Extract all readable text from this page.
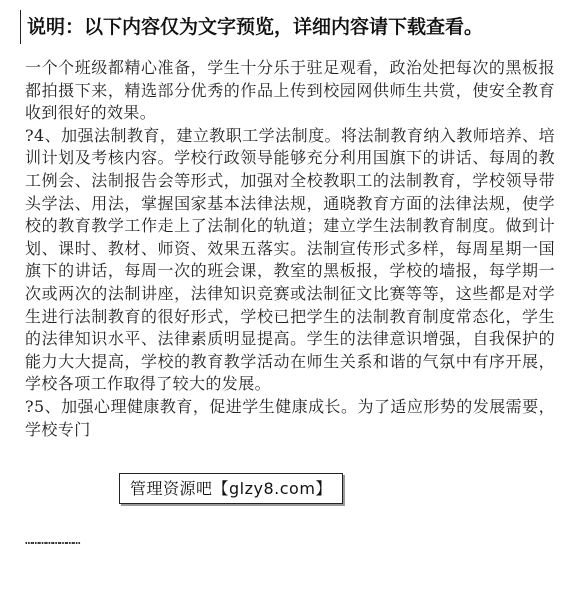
说明：以下内容仅为文字预览，详细内容请下载查看。

一个个班级都精心准备，学生十分乐于驻足观看，政治处把每次的黑板报都拍摄下来，精选部分优秀的作品上传到校园网供师生共赏，使安全教育收到很好的效果。

?4、加强法制教育，建立教职工学法制度。将法制教育纳入教师培养、培训计划及考核内容。学校行政领导能够充分利用国旗下的讲话、每周的教工例会、法制报告会等形式，加强对全校教职工的法制教育，学校领导带头学法、用法，掌握国家基本法律法规，通晓教育方面的法律法规，使学校的教育教学工作走上了法制化的轨道；建立学生法制教育制度。做到计划、课时、教材、师资、效果五落实。法制宣传形式多样，每周星期一国旗下的讲话，每周一次的班会课，教室的黑板报，学校的墙报，每学期一次或两次的法制讲座，法律知识竞赛或法制征文比赛等等，这些都是对学生进行法制教育的很好形式，学校已把学生的法制教育制度常态化，学生的法律知识水平、法律素质明显提高。学生的法律意识增强，自我保护的能力大大提高，学校的教育教学活动在师生关系和谐的气氛中有序开展，学校各项工作取得了较大的发展。

?5、加强心理健康教育，促进学生健康成长。为了适应形势的发展需要，学校专门

……………………
管理资源吧【glzy8.com】
